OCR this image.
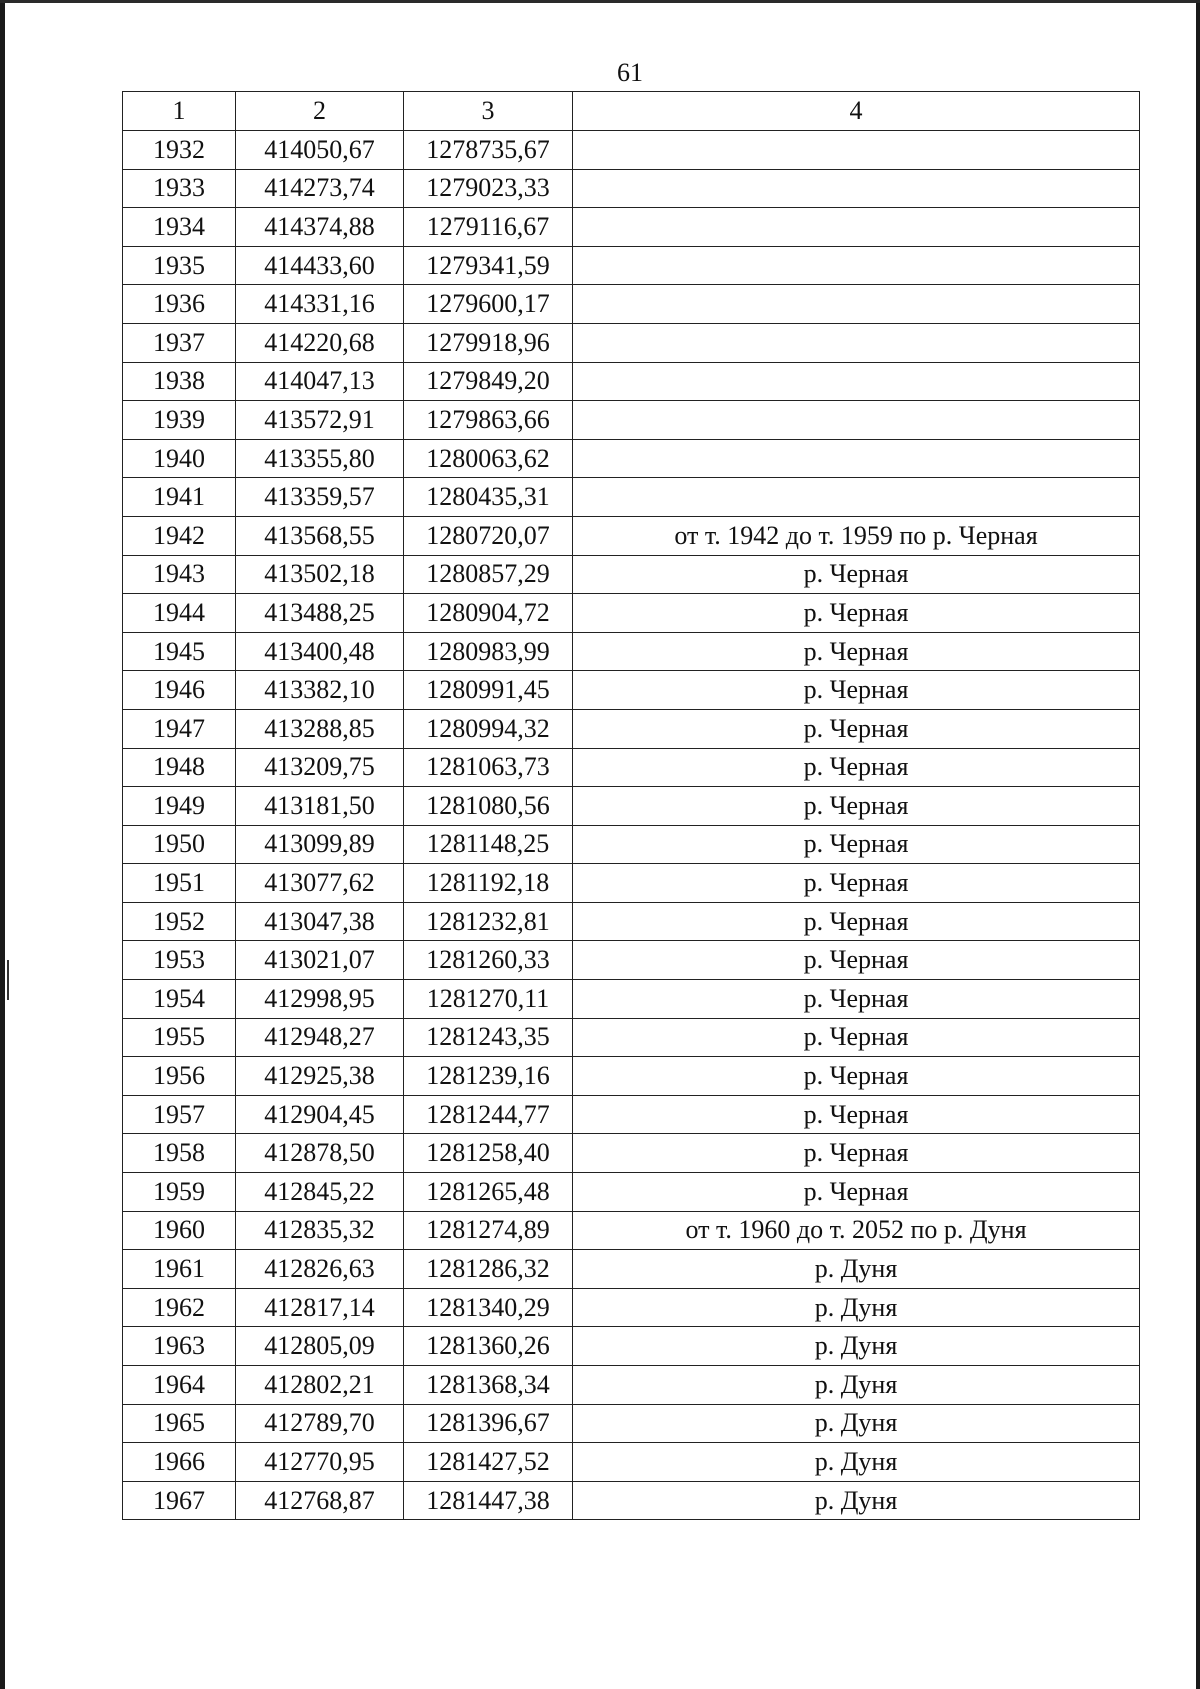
61
1	2	3	4
1932	414050,67	1278735,67	
1933	414273,74	1279023,33	
1934	414374,88	1279116,67	
1935	414433,60	1279341,59	
1936	414331,16	1279600,17	
1937	414220,68	1279918,96	
1938	414047,13	1279849,20	
1939	413572,91	1279863,66	
1940	413355,80	1280063,62	
1941	413359,57	1280435,31	
1942	413568,55	1280720,07	от т. 1942 до т. 1959 по р. Черная
1943	413502,18	1280857,29	р. Черная
1944	413488,25	1280904,72	р. Черная
1945	413400,48	1280983,99	р. Черная
1946	413382,10	1280991,45	р. Черная
1947	413288,85	1280994,32	р. Черная
1948	413209,75	1281063,73	р. Черная
1949	413181,50	1281080,56	р. Черная
1950	413099,89	1281148,25	р. Черная
1951	413077,62	1281192,18	р. Черная
1952	413047,38	1281232,81	р. Черная
1953	413021,07	1281260,33	р. Черная
1954	412998,95	1281270,11	р. Черная
1955	412948,27	1281243,35	р. Черная
1956	412925,38	1281239,16	р. Черная
1957	412904,45	1281244,77	р. Черная
1958	412878,50	1281258,40	р. Черная
1959	412845,22	1281265,48	р. Черная
1960	412835,32	1281274,89	от т. 1960 до т. 2052 по р. Дуня
1961	412826,63	1281286,32	р. Дуня
1962	412817,14	1281340,29	р. Дуня
1963	412805,09	1281360,26	р. Дуня
1964	412802,21	1281368,34	р. Дуня
1965	412789,70	1281396,67	р. Дуня
1966	412770,95	1281427,52	р. Дуня
1967	412768,87	1281447,38	р. Дуня
